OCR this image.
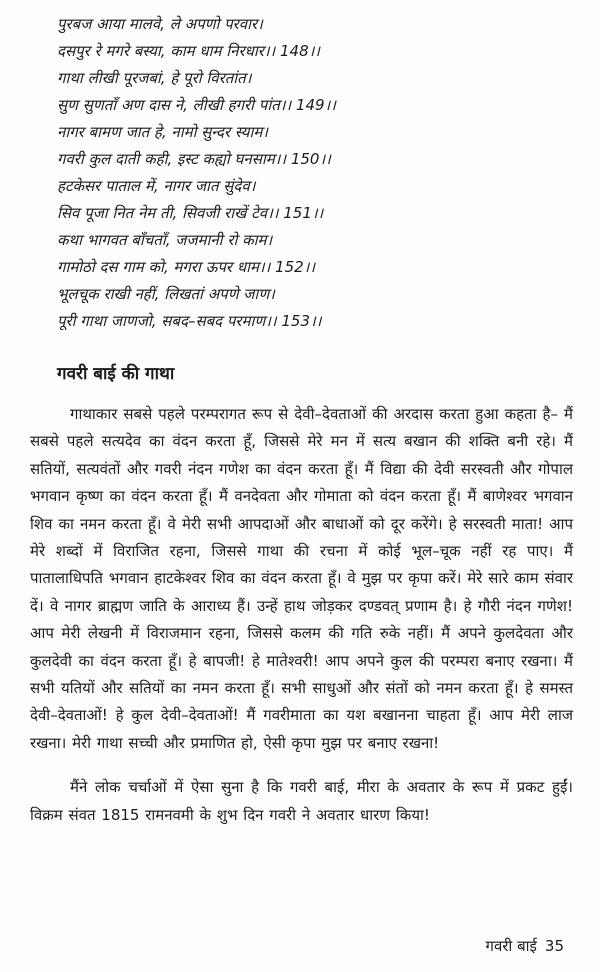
पुरबज आया मालवे, ले अपणो परवार।
दसपुर रे मगरे बस्या, काम धाम निरधार।। 148।।
गाथा लीखी पूरजबां, हे पूरो विरतांत।
सुण सुणताँ अण दास ने, लीखी हगरी पांत।। 149।।
नागर बामण जात हे, नामो सुन्दर स्याम।
गवरी कुल दाती कही, इस्ट कह्यो घनसाम।। 150।।
हटकेसर पाताल में, नागर जात सुंदेव।
सिव पूजा नित नेम ती, सिवजी राखें टेव।। 151।।
कथा भागवत बाँचताँ, जजमानी रो काम।
गामोठो दस गाम को, मगरा ऊपर धाम।। 152।।
भूलचूक राखी नहीं, लिखतां अपणे जाण।
पूरी गाथा जाणजो, सबद–सबद परमाण।। 153।।
गवरी बाई की गाथा

गाथाकार सबसे पहले परम्परागत रूप से देवी–देवताओं की अरदास करता हुआ कहता है– मैं सबसे पहले सत्यदेव का वंदन करता हूँ, जिससे मेरे मन में सत्य बखान की शक्ति बनी रहे। मैं सतियों, सत्यवंतों और गवरी नंदन गणेश का वंदन करता हूँ। मैं विद्या की देवी सरस्वती और गोपाल भगवान कृष्ण का वंदन करता हूँ। मैं वनदेवता और गोमाता को वंदन करता हूँ। मैं बाणेश्वर भगवान शिव का नमन करता हूँ। वे मेरी सभी आपदाओं और बाधाओं को दूर करेंगे। हे सरस्वती माता! आप मेरे शब्दों में विराजित रहना, जिससे गाथा की रचना में कोई भूल–चूक नहीं रह पाए। मैं पातालाधिपति भगवान हाटकेश्वर शिव का वंदन करता हूँ। वे मुझ पर कृपा करें। मेरे सारे काम संवार दें। वे नागर ब्राह्मण जाति के आराध्य हैं। उन्हें हाथ जोड़कर दण्डवत् प्रणाम है। हे गौरी नंदन गणेश! आप मेरी लेखनी में विराजमान रहना, जिससे कलम की गति रुके नहीं। मैं अपने कुलदेवता और कुलदेवी का वंदन करता हूँ। हे बापजी! हे मातेश्वरी! आप अपने कुल की परम्परा बनाए रखना। मैं सभी यतियों और सतियों का नमन करता हूँ। सभी साधुओं और संतों को नमन करता हूँ। हे समस्त देवी–देवताओं! हे कुल देवी–देवताओं! मैं गवरीमाता का यश बखानना चाहता हूँ। आप मेरी लाज रखना। मेरी गाथा सच्ची और प्रमाणित हो, ऐसी कृपा मुझ पर बनाए रखना!

मैंने लोक चर्चाओं में ऐसा सुना है कि गवरी बाई, मीरा के अवतार के रूप में प्रकट हुईं। विक्रम संवत 1815 रामनवमी के शुभ दिन गवरी ने अवतार धारण किया!

गवरी बाई 35
